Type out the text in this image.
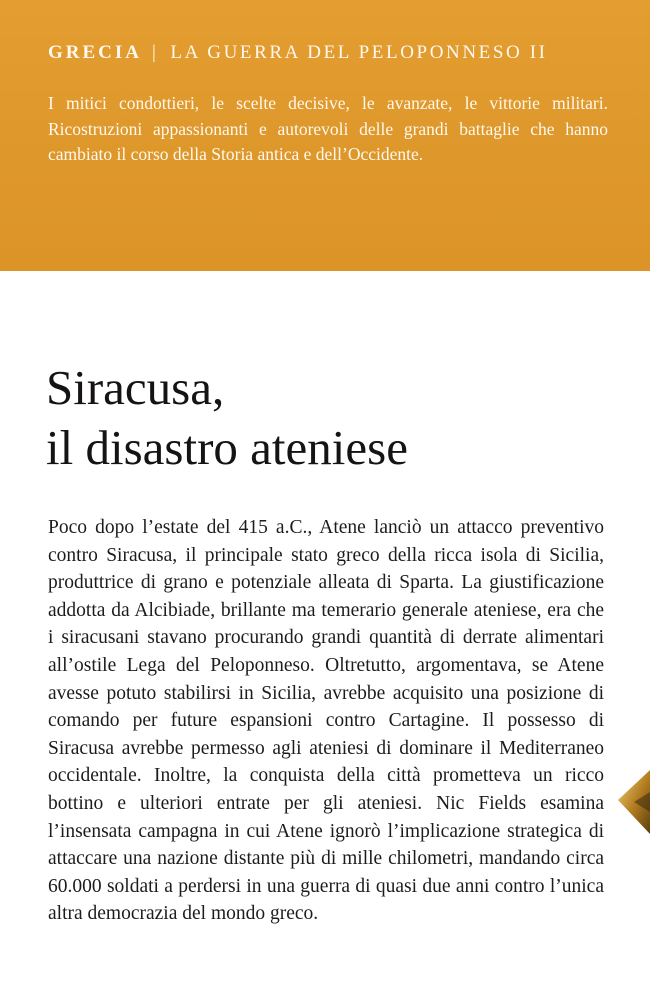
GRECIA | LA GUERRA DEL PELOPONNESO II
I mitici condottieri, le scelte decisive, le avanzate, le vittorie militari. Ricostruzioni appassionanti e autorevoli delle grandi battaglie che hanno cambiato il corso della Storia antica e dell’Occidente.
Siracusa,
il disastro ateniese

Poco dopo l’estate del 415 a.C., Atene lanciò un attacco preventivo contro Siracusa, il principale stato greco della ricca isola di Sicilia, produttrice di grano e potenziale alleata di Sparta. La giustificazione addotta da Alcibiade, brillante ma temerario generale ateniese, era che i siracusani stavano procurando grandi quantità di derrate alimentari all’ostile Lega del Peloponneso. Oltretutto, argomentava, se Atene avesse potuto stabilirsi in Sicilia, avrebbe acquisito una posizione di comando per future espansioni contro Cartagine. Il possesso di Siracusa avrebbe permesso agli ateniesi di dominare il Mediterraneo occidentale. Inoltre, la conquista della città prometteva un ricco bottino e ulteriori entrate per gli ateniesi. Nic Fields esamina l’insensata campagna in cui Atene ignorò l’implicazione strategica di attaccare una nazione distante più di mille chilometri, mandando circa 60.000 soldati a perdersi in una guerra di quasi due anni contro l’unica altra democrazia del mondo greco.
